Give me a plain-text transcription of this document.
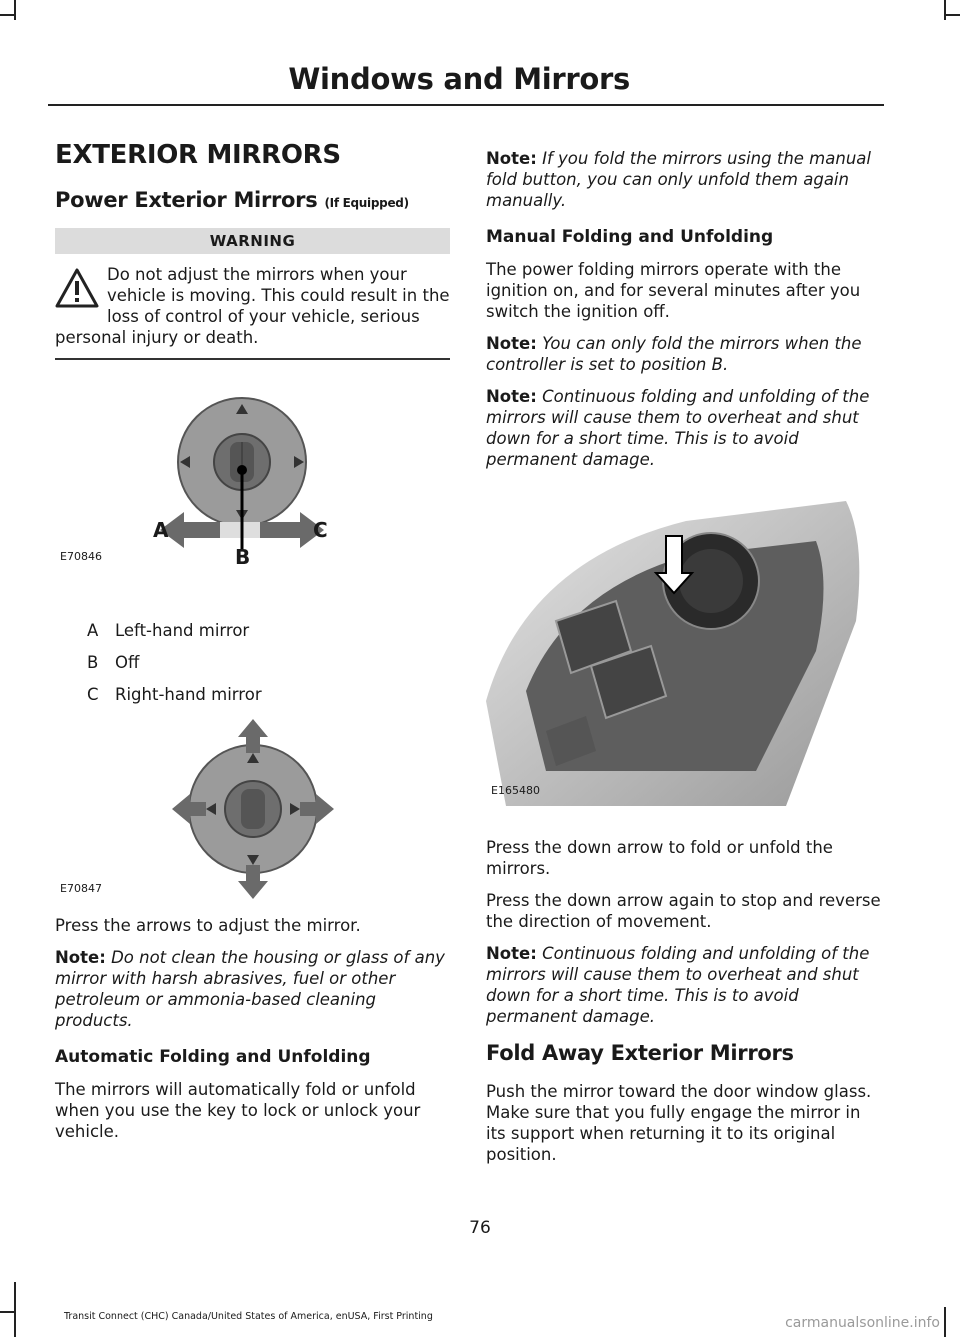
Windows and Mirrors
EXTERIOR MIRRORS
Power Exterior Mirrors (If Equipped)
WARNING
Do not adjust the mirrors when your vehicle is moving. This could result in the loss of control of your vehicle, serious personal injury or death.
A
B
C
E70846
A	Left-hand mirror
B	Off
C Right-hand mirror
E70847

Press the arrows to adjust the mirror.

Note: Do not clean the housing or glass of any mirror with harsh abrasives, fuel or other petroleum or ammonia-based cleaning products.

Automatic Folding and Unfolding

The mirrors will automatically fold or unfold when you use the key to lock or unlock your vehicle.

Note: If you fold the mirrors using the manual fold button, you can only unfold them again manually.

Manual Folding and Unfolding

The power folding mirrors operate with the ignition on, and for several minutes after you switch the ignition off.

Note: You can only fold the mirrors when the controller is set to position B.

Note: Continuous folding and unfolding of the mirrors will cause them to overheat and shut down for a short time. This is to avoid permanent damage.

E165480

Press the down arrow to fold or unfold the mirrors.

Press the down arrow again to stop and reverse the direction of movement.

Note: Continuous folding and unfolding of the mirrors will cause them to overheat and shut down for a short time. This is to avoid permanent damage.

Fold Away Exterior Mirrors

Push the mirror toward the door window glass. Make sure that you fully engage the mirror in its support when returning it to its original position.

76
Transit Connect (CHC) Canada/United States of America, enUSA, First Printing	carmanualsonline.info
